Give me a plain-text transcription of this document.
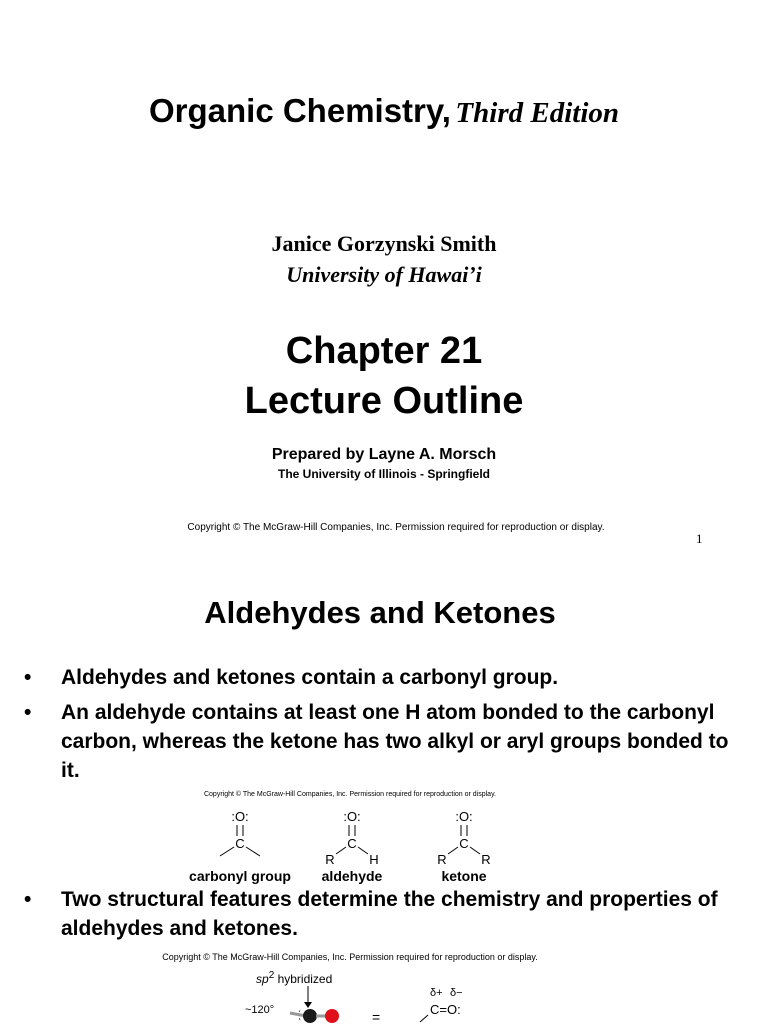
Organic Chemistry, Third Edition
Janice Gorzynski Smith
University of Hawaiʼi
Chapter 21
Lecture Outline
Prepared by Layne A. Morsch
The University of Illinois - Springfield
Copyright © The McGraw-Hill Companies, Inc. Permission required for reproduction or display.
1
Aldehydes and Ketones
• Aldehydes and ketones contain a carbonyl group.
• An aldehyde contains at least one H atom bonded to the carbonyl carbon, whereas the ketone has two alkyl or aryl groups bonded to it.
Copyright © The McGraw-Hill Companies, Inc. Permission required for reproduction or display.
:O:
C
carbonyl group
:O:
C
R	H
aldehyde
:O:
C
R	R
ketone
• Two structural features determine the chemistry and properties of aldehydes and ketones.
Copyright © The McGraw-Hill Companies, Inc. Permission required for reproduction or display.
$sp^2$ hybridized
=
δ+ δ−
C=O:
~120°
